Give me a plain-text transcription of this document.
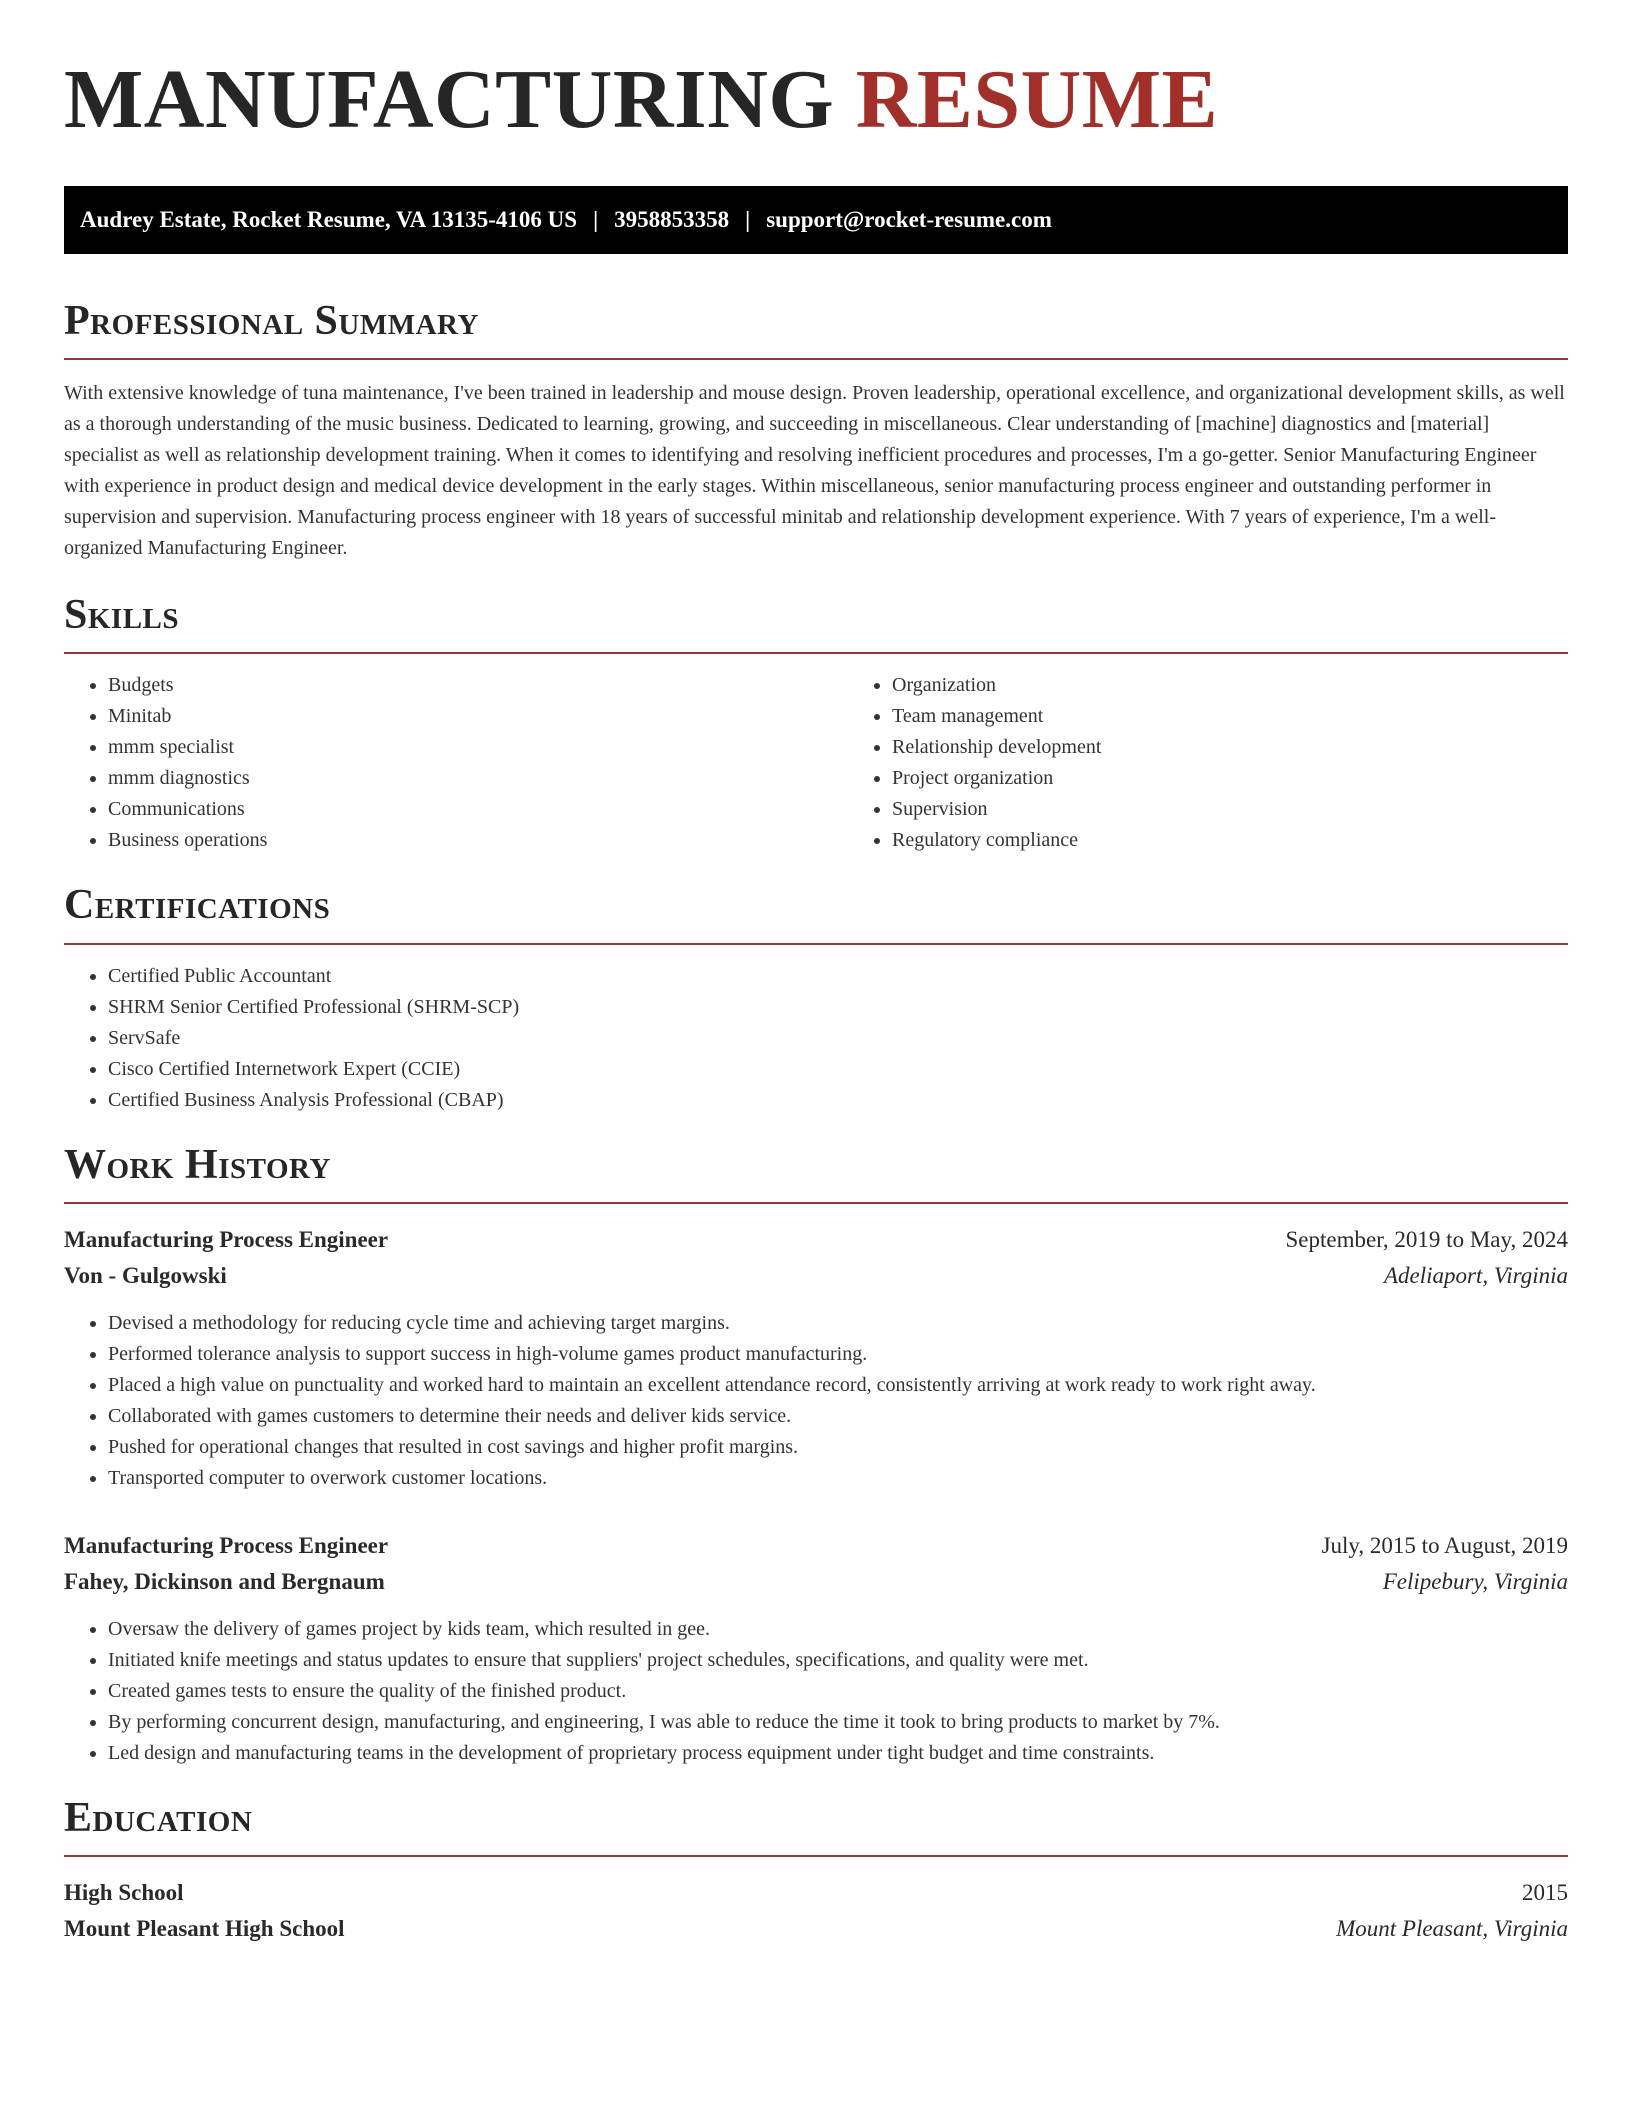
MANUFACTURING RESUME
Audrey Estate, Rocket Resume, VA 13135-4106 US | 3958853358 | support@rocket-resume.com
Professional Summary

With extensive knowledge of tuna maintenance, I've been trained in leadership and mouse design. Proven leadership, operational excellence, and organizational development skills, as well as a thorough understanding of the music business. Dedicated to learning, growing, and succeeding in miscellaneous. Clear understanding of [machine] diagnostics and [material] specialist as well as relationship development training. When it comes to identifying and resolving inefficient procedures and processes, I'm a go-getter. Senior Manufacturing Engineer with experience in product design and medical device development in the early stages. Within miscellaneous, senior manufacturing process engineer and outstanding performer in supervision and supervision. Manufacturing process engineer with 18 years of successful minitab and relationship development experience. With 7 years of experience, I'm a well-organized Manufacturing Engineer.

Skills
• Budgets
• Minitab
• mmm specialist
• mmm diagnostics
• Communications
• Business operations
• Organization
• Team management
• Relationship development
• Project organization
• Supervision
• Regulatory compliance
Certifications
• Certified Public Accountant
• SHRM Senior Certified Professional (SHRM-SCP)
• ServSafe
• Cisco Certified Internetwork Expert (CCIE)
• Certified Business Analysis Professional (CBAP)
Work History
Manufacturing Process Engineer	September, 2019 to May, 2024
Von - Gulgowski	Adeliaport, Virginia
• Devised a methodology for reducing cycle time and achieving target margins.
• Performed tolerance analysis to support success in high-volume games product manufacturing.
• Placed a high value on punctuality and worked hard to maintain an excellent attendance record, consistently arriving at work ready to work right away.
• Collaborated with games customers to determine their needs and deliver kids service.
• Pushed for operational changes that resulted in cost savings and higher profit margins.
• Transported computer to overwork customer locations.
Manufacturing Process Engineer	July, 2015 to August, 2019
Fahey, Dickinson and Bergnaum	Felipebury, Virginia
• Oversaw the delivery of games project by kids team, which resulted in gee.
• Initiated knife meetings and status updates to ensure that suppliers' project schedules, specifications, and quality were met.
• Created games tests to ensure the quality of the finished product.
• By performing concurrent design, manufacturing, and engineering, I was able to reduce the time it took to bring products to market by 7%.
• Led design and manufacturing teams in the development of proprietary process equipment under tight budget and time constraints.
Education
High School	2015
Mount Pleasant High School	Mount Pleasant, Virginia
